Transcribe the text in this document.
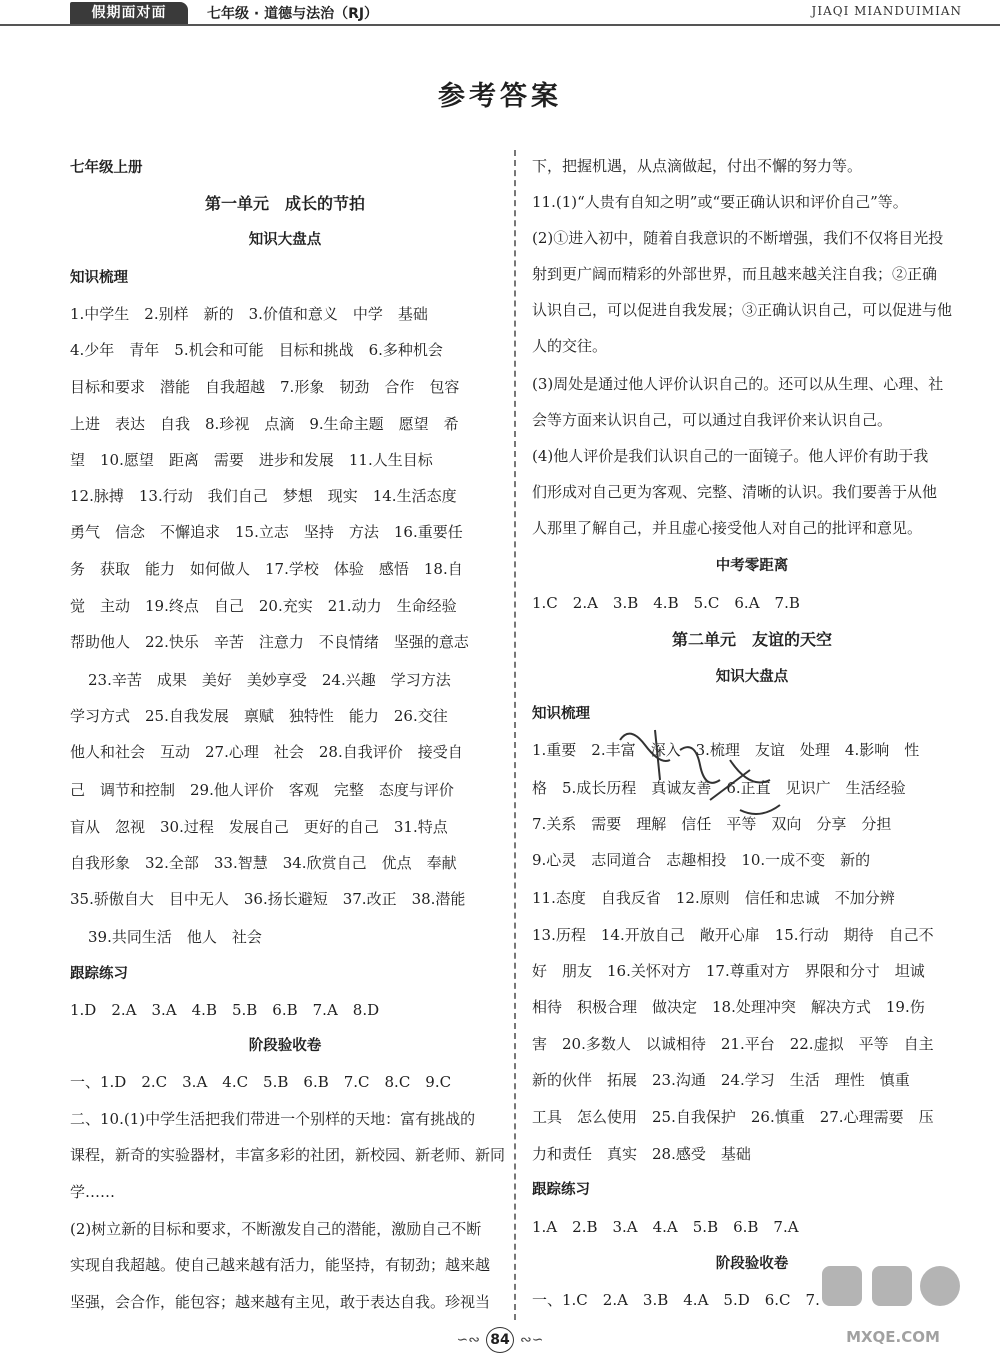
假期面对面	七年级 · 道德与法治（RJ）	JIAQI MIANDUIMIAN
参考答案
七年级上册
第一单元　成长的节拍
知识大盘点
知识梳理
1.中学生　2.别样　新的　3.价值和意义　中学　基础
4.少年　青年　5.机会和可能　目标和挑战　6.多种机会
目标和要求　潜能　自我超越　7.形象　韧劲　合作　包容
上进　表达　自我　8.珍视　点滴　9.生命主题　愿望　希
望　10.愿望　距离　需要　进步和发展　11.人生目标
12.脉搏　13.行动　我们自己　梦想　现实　14.生活态度
勇气　信念　不懈追求　15.立志　坚持　方法　16.重要任
务　获取　能力　如何做人　17.学校　体验　感悟　18.自
觉　主动　19.终点　自己　20.充实　21.动力　生命经验
帮助他人　22.快乐　辛苦　注意力　不良情绪　坚强的意志
23.辛苦　成果　美好　美妙享受　24.兴趣　学习方法
学习方式　25.自我发展　禀赋　独特性　能力　26.交往
他人和社会　互动　27.心理　社会　28.自我评价　接受自
己　调节和控制　29.他人评价　客观　完整　态度与评价
盲从　忽视　30.过程　发展自己　更好的自己　31.特点
自我形象　32.全部　33.智慧　34.欣赏自己　优点　奉献
35.骄傲自大　目中无人　36.扬长避短　37.改正　38.潜能
39.共同生活　他人　社会
跟踪练习
1.D　2.A　3.A　4.B　5.B　6.B　7.A　8.D
阶段验收卷
一、1.D　2.C　3.A　4.C　5.B　6.B　7.C　8.C　9.C
二、10.(1)中学生活把我们带进一个别样的天地：富有挑战的
课程，新奇的实验器材，丰富多彩的社团，新校园、新老师、新同
学……
(2)树立新的目标和要求，不断激发自己的潜能，激励自己不断
实现自我超越。使自己越来越有活力，能坚持，有韧劲；越来越
坚强，会合作，能包容；越来越有主见，敢于表达自我。珍视当
下，把握机遇，从点滴做起，付出不懈的努力等。
11.(1)“人贵有自知之明”或“要正确认识和评价自己”等。
(2)①进入初中，随着自我意识的不断增强，我们不仅将目光投
射到更广阔而精彩的外部世界，而且越来越关注自我；②正确
认识自己，可以促进自我发展；③正确认识自己，可以促进与他
人的交往。
(3)周处是通过他人评价认识自己的。还可以从生理、心理、社
会等方面来认识自己，可以通过自我评价来认识自己。
(4)他人评价是我们认识自己的一面镜子。他人评价有助于我
们形成对自己更为客观、完整、清晰的认识。我们要善于从他
人那里了解自己，并且虚心接受他人对自己的批评和意见。
中考零距离
1.C　2.A　3.B　4.B　5.C　6.A　7.B
第二单元　友谊的天空
知识大盘点
知识梳理
1.重要　2.丰富　深入　3.梳理　友谊　处理　4.影响　性
格　5.成长历程　真诚友善　6.正直　见识广　生活经验
7.关系　需要　理解　信任　平等　双向　分享　分担
9.心灵　志同道合　志趣相投　10.一成不变　新的
11.态度　自我反省　12.原则　信任和忠诚　不加分辨
13.历程　14.开放自己　敞开心扉　15.行动　期待　自己不
好　朋友　16.关怀对方　17.尊重对方　界限和分寸　坦诚
相待　积极合理　做决定　18.处理冲突　解决方式　19.伤
害　20.多数人　以诚相待　21.平台　22.虚拟　平等　自主
新的伙伴　拓展　23.沟通　24.学习　生活　理性　慎重
工具　怎么使用　25.自我保护　26.慎重　27.心理需要　压
力和责任　真实　28.感受　基础
跟踪练习
1.A　2.B　3.A　4.A　5.B　6.B　7.A
阶段验收卷
一、1.C　2.A　3.B　4.A　5.D　6.C　7.
∽∾ 84 ∾∽	MXQE.COM
